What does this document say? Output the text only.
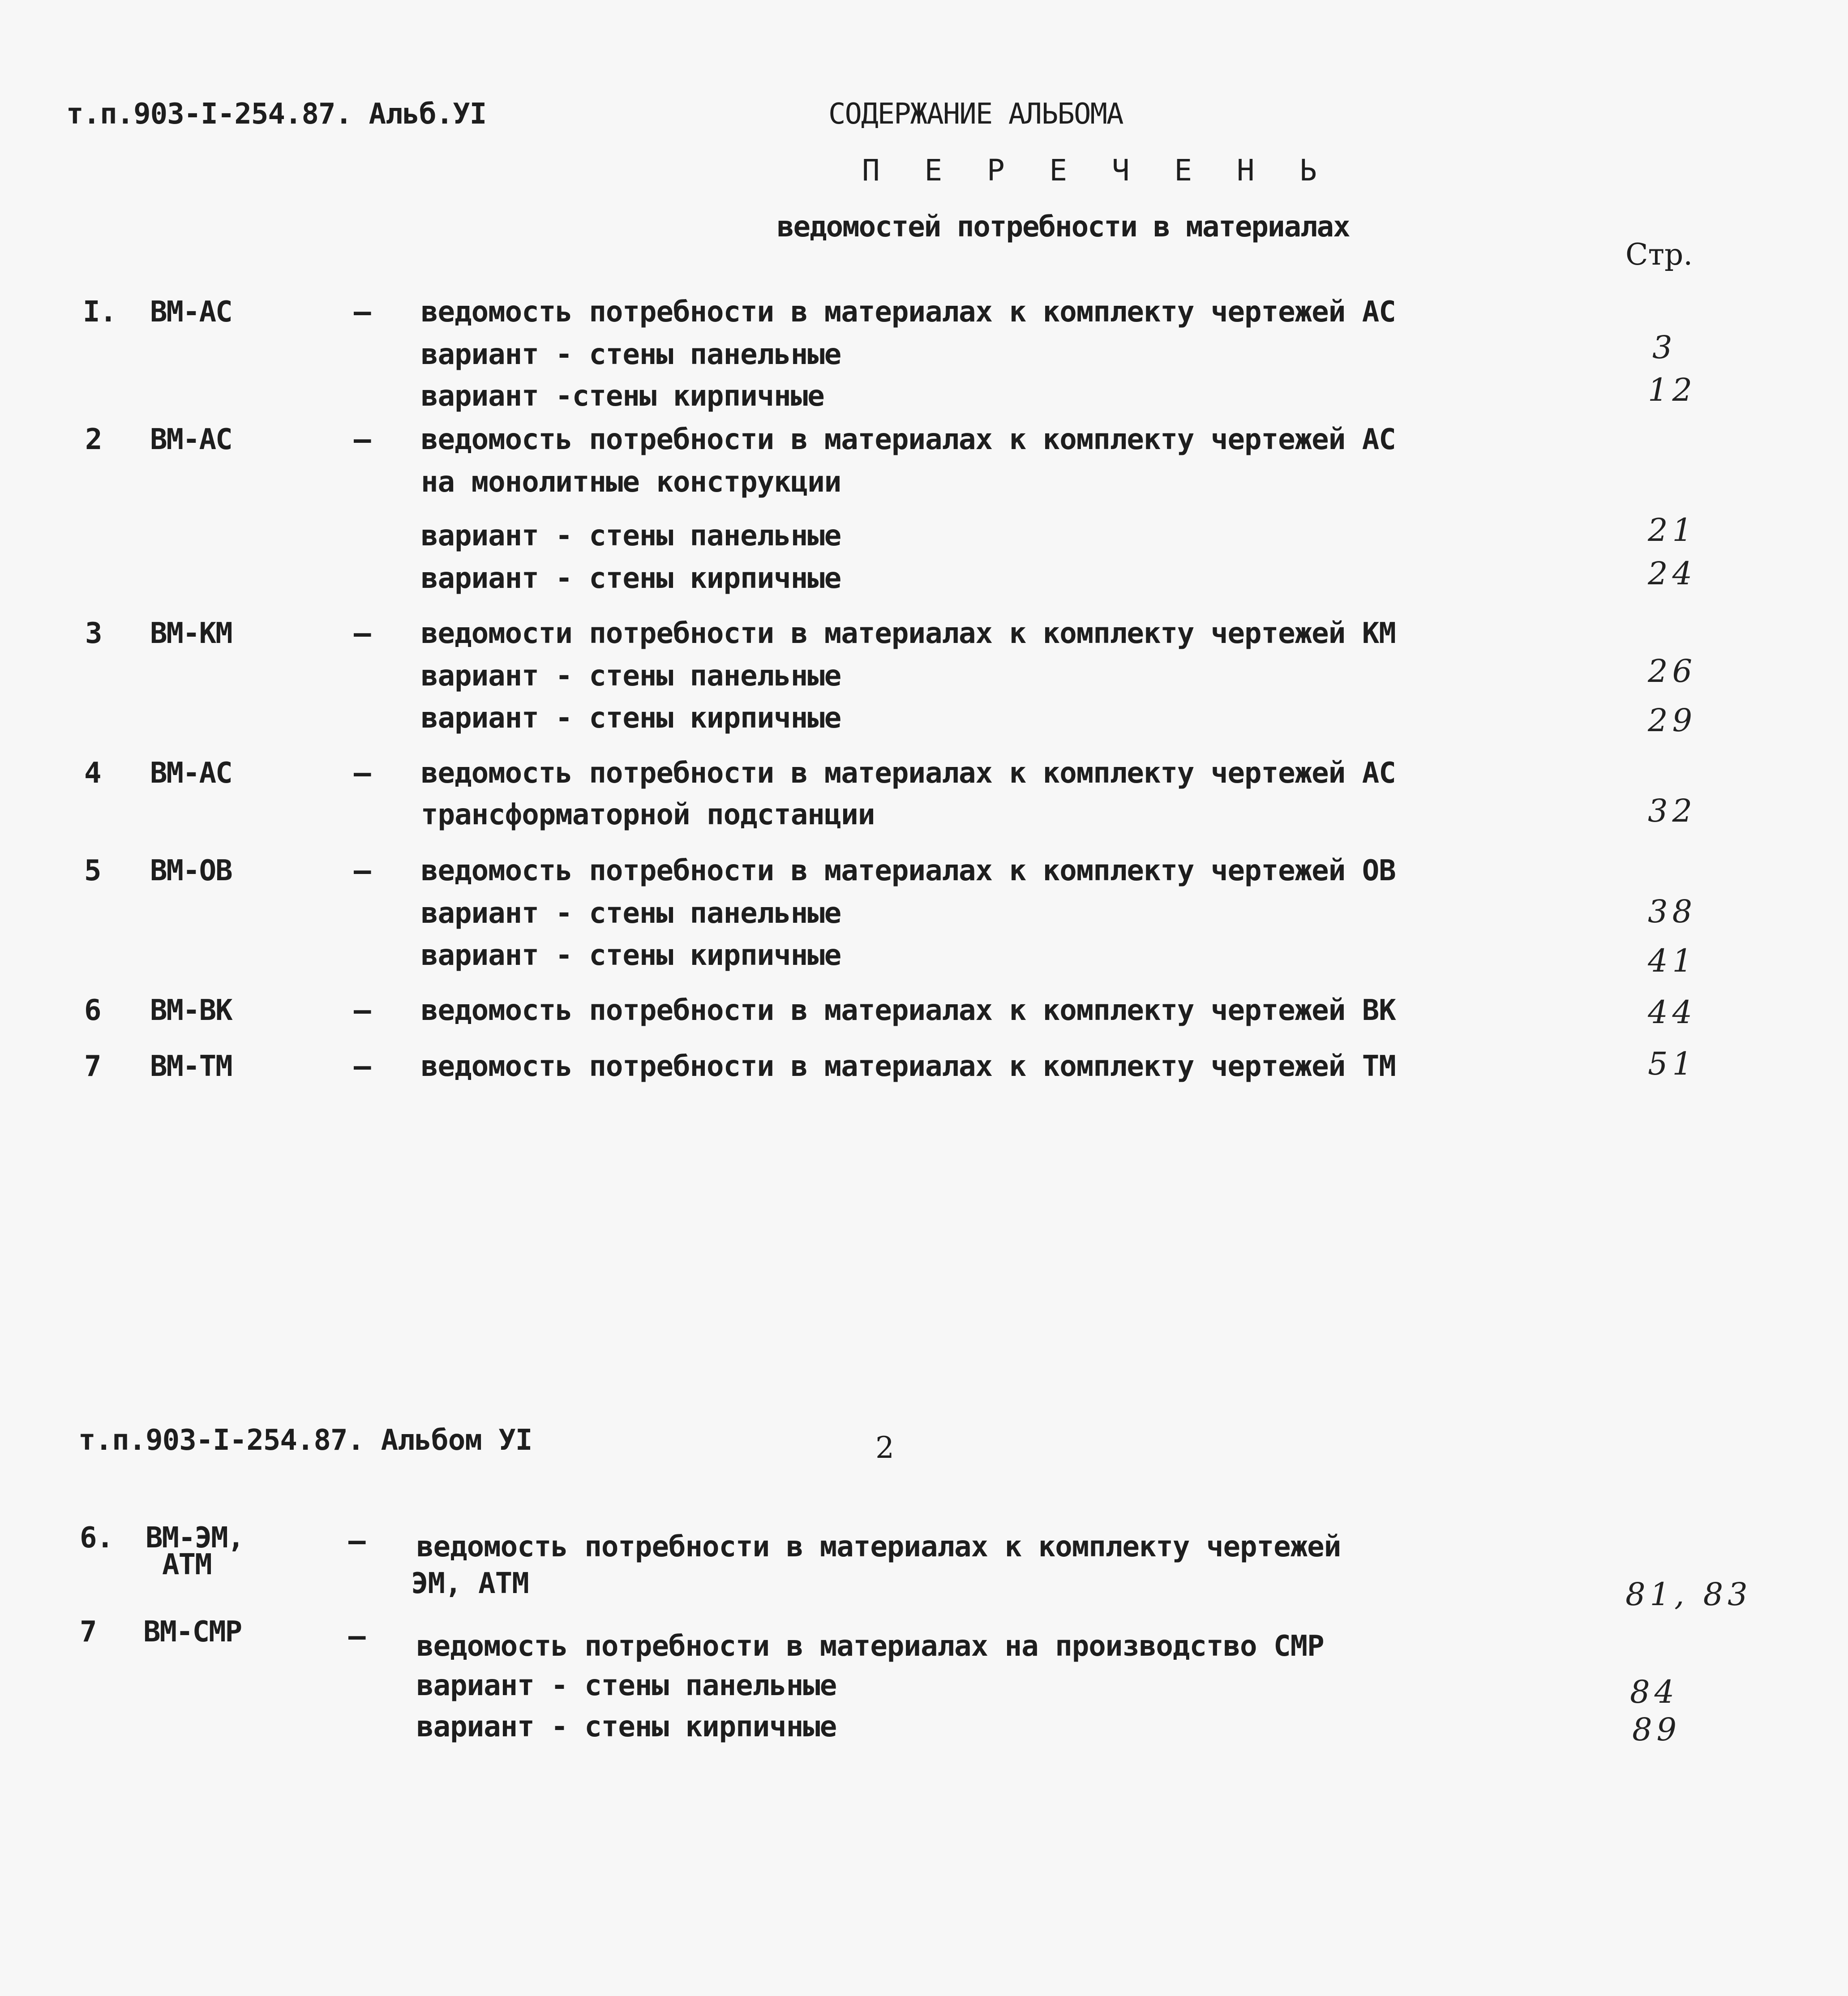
т.п.903-I-254.87. Альб.УI	СОДЕРЖАНИЕ АЛЬБОМА
П Е Р Е Ч Е Н Ь
ведомостей потребности в материалах
Стр.
I. ВМ-АС	– ведомость потребности в материалах к комплекту чертежей АС
вариант - стены панельные	3
вариант -стены кирпичные	12
2 ВМ-АС	– ведомость потребности в материалах к комплекту чертежей АС
на монолитные конструкции
вариант - стены панельные	21
вариант - стены кирпичные	24
3 ВМ-КМ	– ведомости потребности в материалах к комплекту чертежей КМ
вариант - стены панельные	26
вариант - стены кирпичные	29
4 ВМ-АС	– ведомость потребности в материалах к комплекту чертежей АС
трансформаторной подстанции	32
5 ВМ-ОВ	– ведомость потребности в материалах к комплекту чертежей ОВ
вариант - стены панельные	38
вариант - стены кирпичные	41
6 ВМ-ВК	– ведомость потребности в материалах к комплекту чертежей ВК	44
7 ВМ-ТМ	– ведомость потребности в материалах к комплекту чертежей ТМ	51
т.п.903-I-254.87. Альбом УI	2
6. ВМ-ЭМ,
АТМ
– ведомость потребности в материалах к комплекту чертежей
ЭМ, АТМ	81, 83
7 ВМ-СМР	– ведомость потребности в материалах на производство СМР
вариант - стены панельные	84
вариант - стены кирпичные	89
